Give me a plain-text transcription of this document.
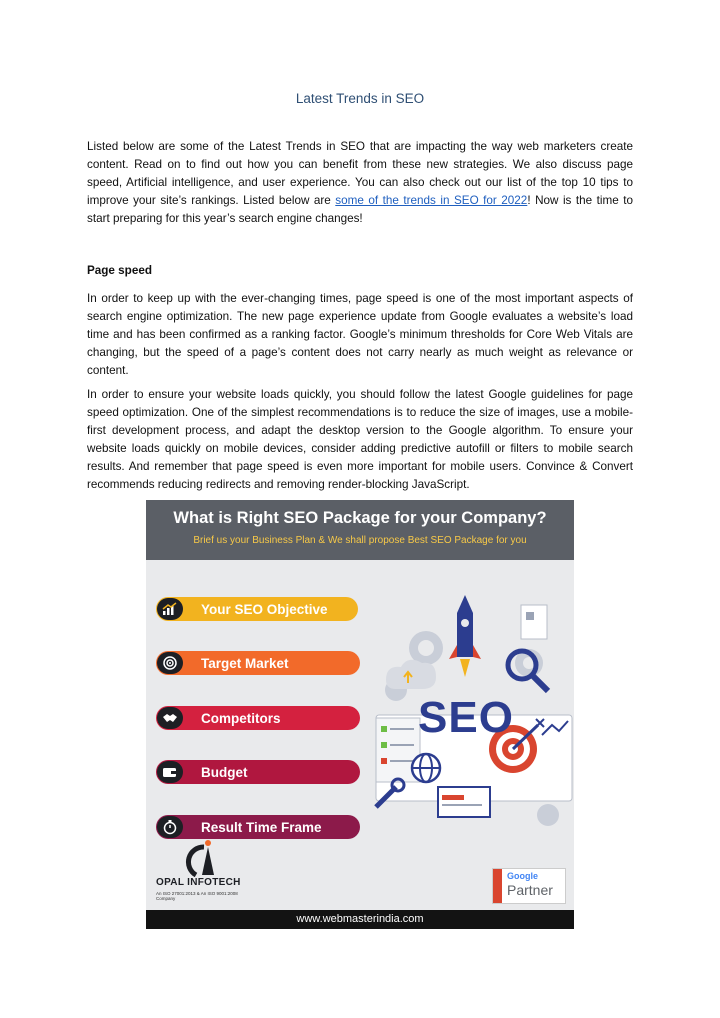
Latest Trends in SEO

Listed below are some of the Latest Trends in SEO that are impacting the way web marketers create content. Read on to find out how you can benefit from these new strategies. We also discuss page speed, Artificial intelligence, and user experience. You can also check out our list of the top 10 tips to improve your site’s rankings. Listed below are some of the trends in SEO for 2022! Now is the time to start preparing for this year’s search engine changes!

Page speed

In order to keep up with the ever-changing times, page speed is one of the most important aspects of search engine optimization. The new page experience update from Google evaluates a website’s load time and has been confirmed as a ranking factor. Google’s minimum thresholds for Core Web Vitals are changing, but the speed of a page’s content does not carry nearly as much weight as relevance or content.

In order to ensure your website loads quickly, you should follow the latest Google guidelines for page speed optimization. One of the simplest recommendations is to reduce the size of images, use a mobile-first development process, and adapt the desktop version to the Google algorithm. To ensure your website loads quickly on mobile devices, consider adding predictive autofill or filters to mobile search results. And remember that page speed is even more important for mobile users. Convince & Convert recommends reducing redirects and removing render-blocking JavaScript.

What is Right SEO Package for your Company?
Brief us your Business Plan & We shall propose Best SEO Package for you
Your SEO Objective
Target Market
Competitors
Budget
Result Time Frame
SEO
OPAL INFOTECH
An ISO 27001:2013 & An ISO 9001:2008 Company
Google
Partner
www.webmasterindia.com
